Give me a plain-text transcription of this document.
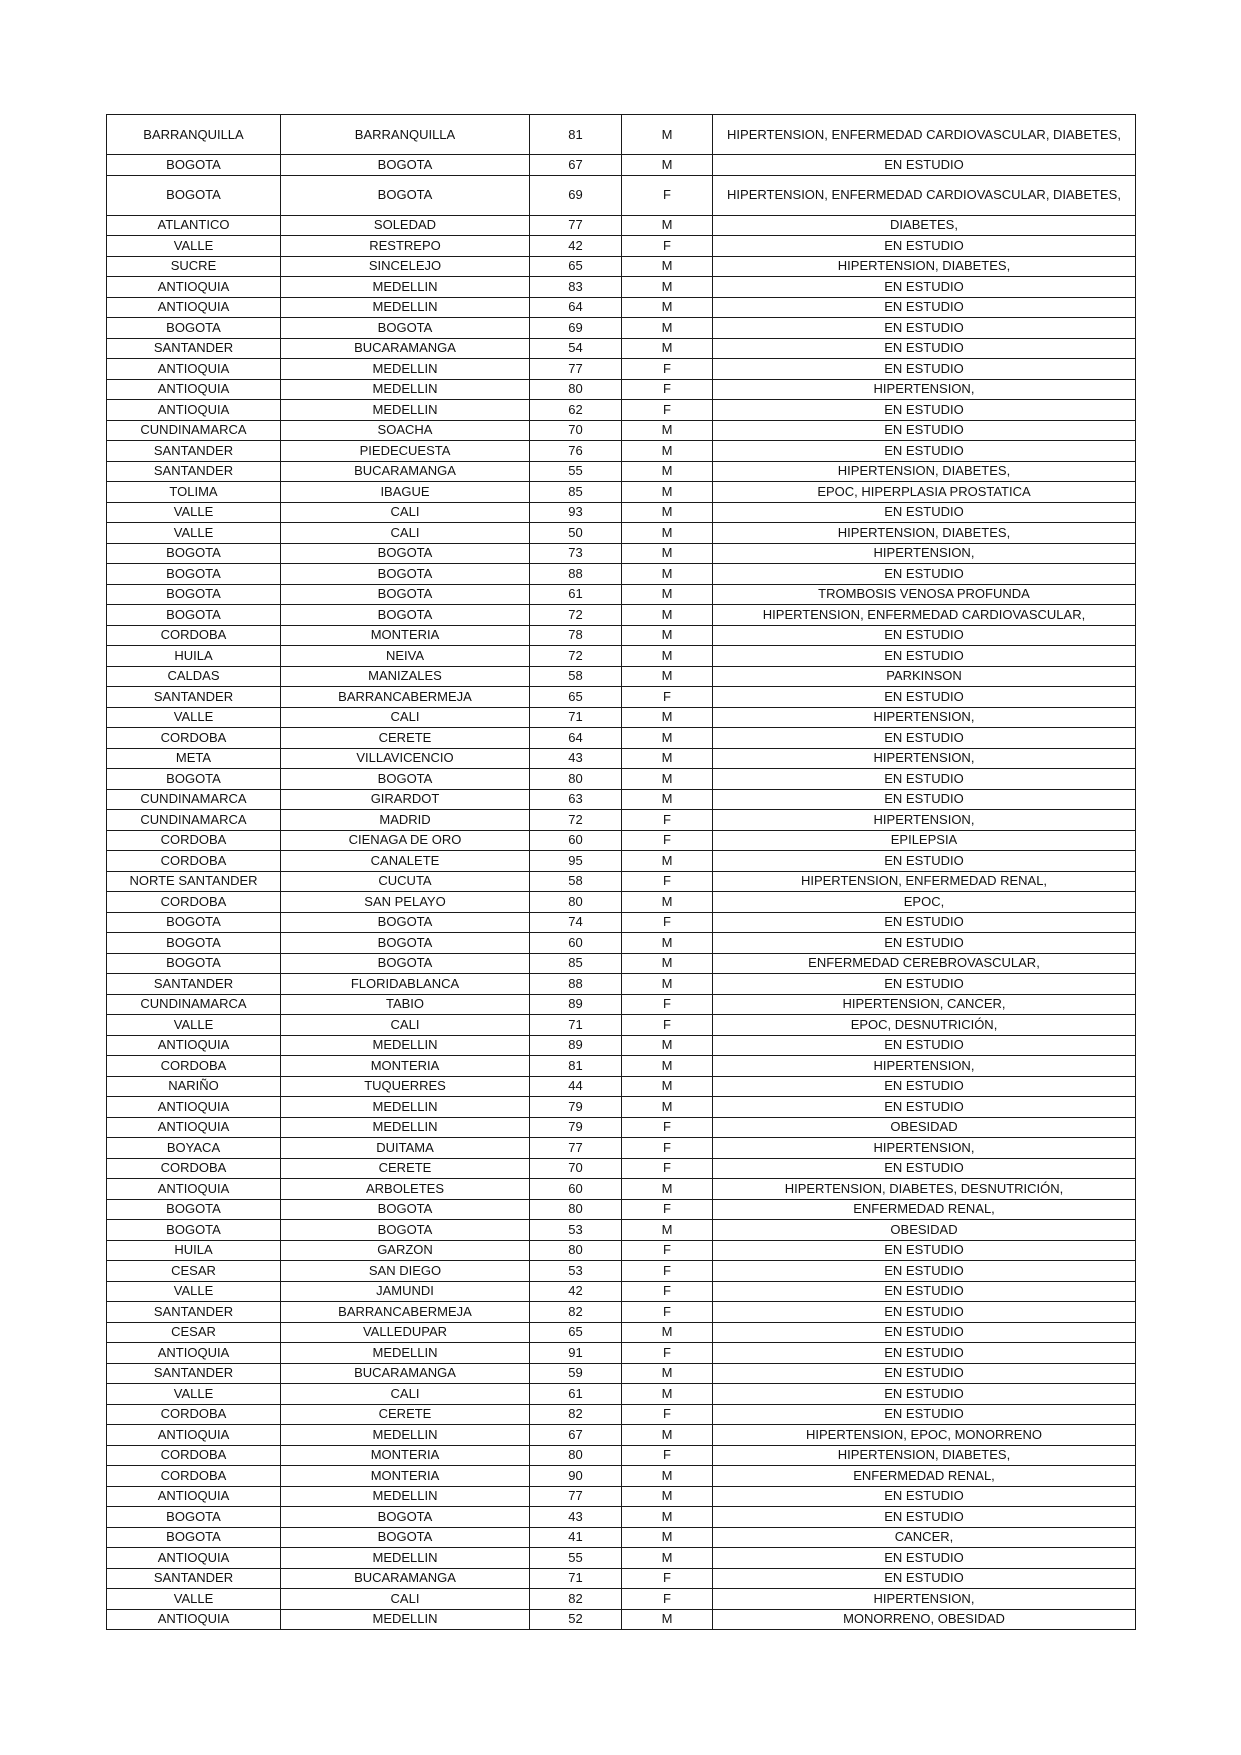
BARRANQUILLA	BARRANQUILLA	81	M	HIPERTENSION, ENFERMEDAD CARDIOVASCULAR, DIABETES,
BOGOTA	BOGOTA	67	M	EN ESTUDIO
BOGOTA	BOGOTA	69	F	HIPERTENSION, ENFERMEDAD CARDIOVASCULAR, DIABETES,
ATLANTICO	SOLEDAD	77	M	DIABETES,
VALLE	RESTREPO	42	F	EN ESTUDIO
SUCRE	SINCELEJO	65	M	HIPERTENSION, DIABETES,
ANTIOQUIA	MEDELLIN	83	M	EN ESTUDIO
ANTIOQUIA	MEDELLIN	64	M	EN ESTUDIO
BOGOTA	BOGOTA	69	M	EN ESTUDIO
SANTANDER	BUCARAMANGA	54	M	EN ESTUDIO
ANTIOQUIA	MEDELLIN	77	F	EN ESTUDIO
ANTIOQUIA	MEDELLIN	80	F	HIPERTENSION,
ANTIOQUIA	MEDELLIN	62	F	EN ESTUDIO
CUNDINAMARCA	SOACHA	70	M	EN ESTUDIO
SANTANDER	PIEDECUESTA	76	M	EN ESTUDIO
SANTANDER	BUCARAMANGA	55	M	HIPERTENSION, DIABETES,
TOLIMA	IBAGUE	85	M	EPOC, HIPERPLASIA PROSTATICA
VALLE	CALI	93	M	EN ESTUDIO
VALLE	CALI	50	M	HIPERTENSION, DIABETES,
BOGOTA	BOGOTA	73	M	HIPERTENSION,
BOGOTA	BOGOTA	88	M	EN ESTUDIO
BOGOTA	BOGOTA	61	M	TROMBOSIS VENOSA PROFUNDA
BOGOTA	BOGOTA	72	M	HIPERTENSION, ENFERMEDAD CARDIOVASCULAR,
CORDOBA	MONTERIA	78	M	EN ESTUDIO
HUILA	NEIVA	72	M	EN ESTUDIO
CALDAS	MANIZALES	58	M	PARKINSON
SANTANDER	BARRANCABERMEJA	65	F	EN ESTUDIO
VALLE	CALI	71	M	HIPERTENSION,
CORDOBA	CERETE	64	M	EN ESTUDIO
META	VILLAVICENCIO	43	M	HIPERTENSION,
BOGOTA	BOGOTA	80	M	EN ESTUDIO
CUNDINAMARCA	GIRARDOT	63	M	EN ESTUDIO
CUNDINAMARCA	MADRID	72	F	HIPERTENSION,
CORDOBA	CIENAGA DE ORO	60	F	EPILEPSIA
CORDOBA	CANALETE	95	M	EN ESTUDIO
NORTE SANTANDER	CUCUTA	58	F	HIPERTENSION, ENFERMEDAD RENAL,
CORDOBA	SAN PELAYO	80	M	EPOC,
BOGOTA	BOGOTA	74	F	EN ESTUDIO
BOGOTA	BOGOTA	60	M	EN ESTUDIO
BOGOTA	BOGOTA	85	M	ENFERMEDAD CEREBROVASCULAR,
SANTANDER	FLORIDABLANCA	88	M	EN ESTUDIO
CUNDINAMARCA	TABIO	89	F	HIPERTENSION, CANCER,
VALLE	CALI	71	F	EPOC, DESNUTRICIÓN,
ANTIOQUIA	MEDELLIN	89	M	EN ESTUDIO
CORDOBA	MONTERIA	81	M	HIPERTENSION,
NARIÑO	TUQUERRES	44	M	EN ESTUDIO
ANTIOQUIA	MEDELLIN	79	M	EN ESTUDIO
ANTIOQUIA	MEDELLIN	79	F	OBESIDAD
BOYACA	DUITAMA	77	F	HIPERTENSION,
CORDOBA	CERETE	70	F	EN ESTUDIO
ANTIOQUIA	ARBOLETES	60	M	HIPERTENSION, DIABETES, DESNUTRICIÓN,
BOGOTA	BOGOTA	80	F	ENFERMEDAD RENAL,
BOGOTA	BOGOTA	53	M	OBESIDAD
HUILA	GARZON	80	F	EN ESTUDIO
CESAR	SAN DIEGO	53	F	EN ESTUDIO
VALLE	JAMUNDI	42	F	EN ESTUDIO
SANTANDER	BARRANCABERMEJA	82	F	EN ESTUDIO
CESAR	VALLEDUPAR	65	M	EN ESTUDIO
ANTIOQUIA	MEDELLIN	91	F	EN ESTUDIO
SANTANDER	BUCARAMANGA	59	M	EN ESTUDIO
VALLE	CALI	61	M	EN ESTUDIO
CORDOBA	CERETE	82	F	EN ESTUDIO
ANTIOQUIA	MEDELLIN	67	M	HIPERTENSION, EPOC, MONORRENO
CORDOBA	MONTERIA	80	F	HIPERTENSION, DIABETES,
CORDOBA	MONTERIA	90	M	ENFERMEDAD RENAL,
ANTIOQUIA	MEDELLIN	77	M	EN ESTUDIO
BOGOTA	BOGOTA	43	M	EN ESTUDIO
BOGOTA	BOGOTA	41	M	CANCER,
ANTIOQUIA	MEDELLIN	55	M	EN ESTUDIO
SANTANDER	BUCARAMANGA	71	F	EN ESTUDIO
VALLE	CALI	82	F	HIPERTENSION,
ANTIOQUIA	MEDELLIN	52	M	MONORRENO, OBESIDAD
